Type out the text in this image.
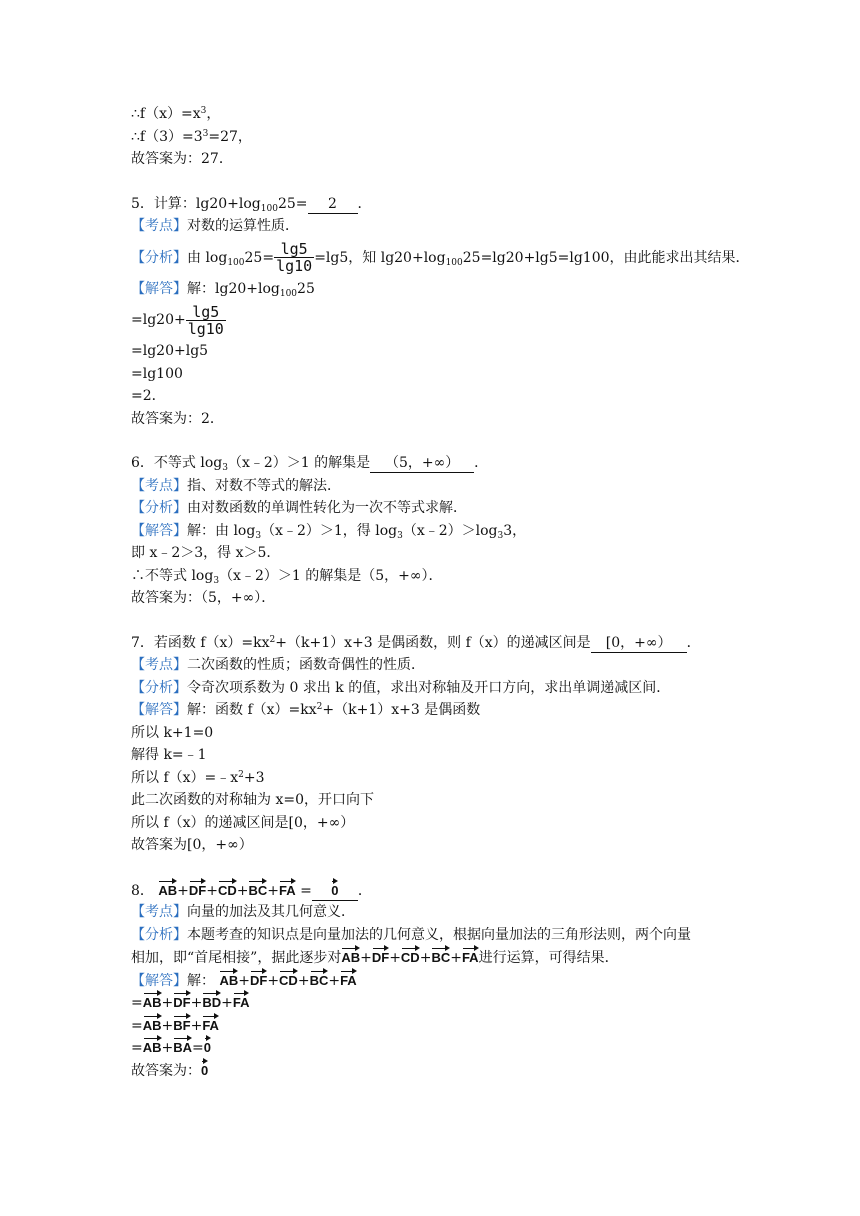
$\therefore f(x)=x^3$，
$\therefore f(3)=3^3=27$，
故答案为：27．
5．计算：$\lg 20+\log_{100}25= 2$ ．
【考点】对数的运算性质．
【分析】由 $\log_{100}25= \frac{\lg 5}{\lg 10} =\lg 5$，知 $\lg 20+\log_{100}25=\lg 20+\lg 5=\lg 100$，由此能求出其结果．
【解答】解：$\lg 20+\log_{100}25$
$=\lg 20+ \frac{\lg 5}{\lg 10}$
=lg20+lg5
=lg100
=2．
故答案为：2．
6．不等式 $\log_3(x﹣2)>1$ 的解集是 （5，+∞） ．
【考点】指、对数不等式的解法．
【分析】由对数函数的单调性转化为一次不等式求解．
【解答】解：由 $\log_3(x﹣2)>1$，得 $\log_3(x﹣2)>\log_33$，
即 x﹣2＞3，得 x＞5．
∴不等式 $\log_3(x﹣2)>1$ 的解集是（5，+∞）．
故答案为：（5，+∞）．
7．若函数 $f(x)=kx^2+(k+1)x+3$ 是偶函数，则 f（x）的递减区间是 [0，+∞） ．
【考点】二次函数的性质；函数奇偶性的性质．
【分析】令奇次项系数为 0 求出 k 的值，求出对称轴及开口方向，求出单调递减区间．
【解答】解：函数 $f(x)=kx^2+(k+1)x+3$ 是偶函数
所以 k+1=0
解得 k=﹣1
所以 $f(x)=﹣x^2+3$
此二次函数的对称轴为 x=0，开口向下
所以 f（x）的递减区间是[0，+∞）
故答案为[0，+∞）
8． AB+DF+CD+BC+FA = 0 ．
【考点】向量的加法及其几何意义．
【分析】本题考查的知识点是向量加法的几何意义，根据向量加法的三角形法则，两个向量
相加，即“首尾相接”，据此逐步对AB+DF+CD+BC+FA进行运算，可得结果．
【解答】解： AB+DF+CD+BC+FA
=AB+DF+BD+FA
=AB+BF+FA
=AB+BA=0
故答案为：0
